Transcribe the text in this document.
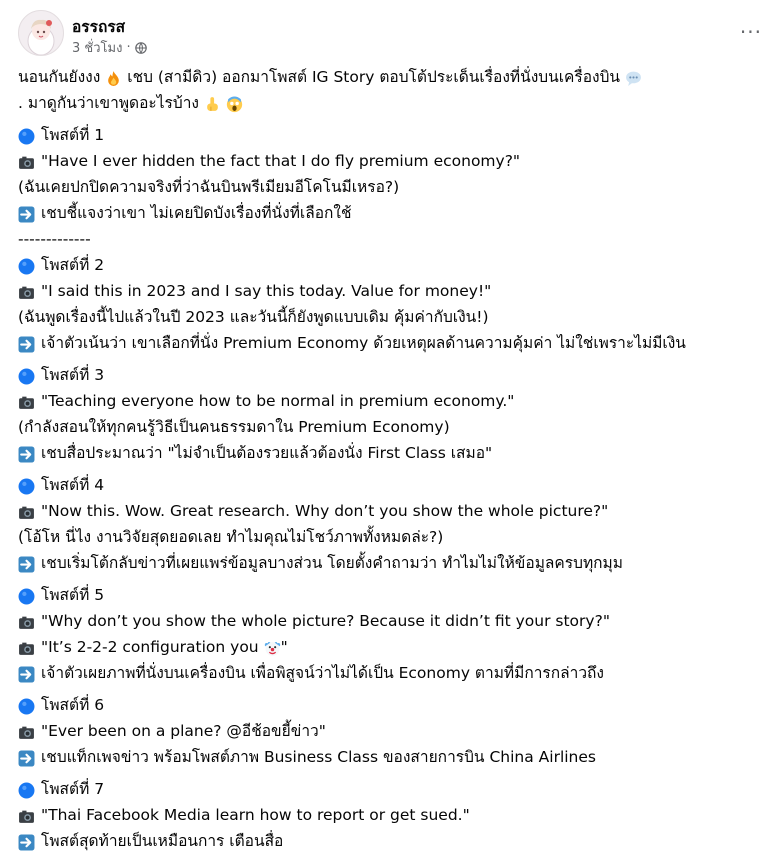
อรรถรส
3 ชั่วโมง ·
···
นอนกันยังงง เชบ (สามีดิว) ออกมาโพสต์ IG Story ตอบโต้ประเด็นเรื่องที่นั่งบนเครื่องบิน
. มาดูกันว่าเขาพูดอะไรบ้าง
โพสต์ที่ 1
"Have I ever hidden the fact that I do fly premium economy?"
(ฉันเคยปกปิดความจริงที่ว่าฉันบินพรีเมียมอีโคโนมีเหรอ?)
เชบชี้แจงว่าเขา ไม่เคยปิดบังเรื่องที่นั่งที่เลือกใช้
-------------
โพสต์ที่ 2
"I said this in 2023 and I say this today. Value for money!"
(ฉันพูดเรื่องนี้ไปแล้วในปี 2023 และวันนี้ก็ยังพูดแบบเดิม คุ้มค่ากับเงิน!)
เจ้าตัวเน้นว่า เขาเลือกที่นั่ง Premium Economy ด้วยเหตุผลด้านความคุ้มค่า ไม่ใช่เพราะไม่มีเงิน
โพสต์ที่ 3
"Teaching everyone how to be normal in premium economy."
(กำลังสอนให้ทุกคนรู้วิธีเป็นคนธรรมดาใน Premium Economy)
เชบสื่อประมาณว่า "ไม่จำเป็นต้องรวยแล้วต้องนั่ง First Class เสมอ"
โพสต์ที่ 4
"Now this. Wow. Great research. Why don’t you show the whole picture?"
(โอ้โห นี่ไง งานวิจัยสุดยอดเลย ทำไมคุณไม่โชว์ภาพทั้งหมดล่ะ?)
เชบเริ่มโต้กลับข่าวที่เผยแพร่ข้อมูลบางส่วน โดยตั้งคำถามว่า ทำไมไม่ให้ข้อมูลครบทุกมุม
โพสต์ที่ 5
"Why don’t you show the whole picture? Because it didn’t fit your story?"
"It’s 2-2-2 configuration you "
เจ้าตัวเผยภาพที่นั่งบนเครื่องบิน เพื่อพิสูจน์ว่าไม่ได้เป็น Economy ตามที่มีการกล่าวถึง
โพสต์ที่ 6
"Ever been on a plane? @อีช้อขยี้ข่าว"
เชบแท็กเพจข่าว พร้อมโพสต์ภาพ Business Class ของสายการบิน China Airlines
โพสต์ที่ 7
"Thai Facebook Media learn how to report or get sued."
โพสต์สุดท้ายเป็นเหมือนการ เตือนสื่อ
